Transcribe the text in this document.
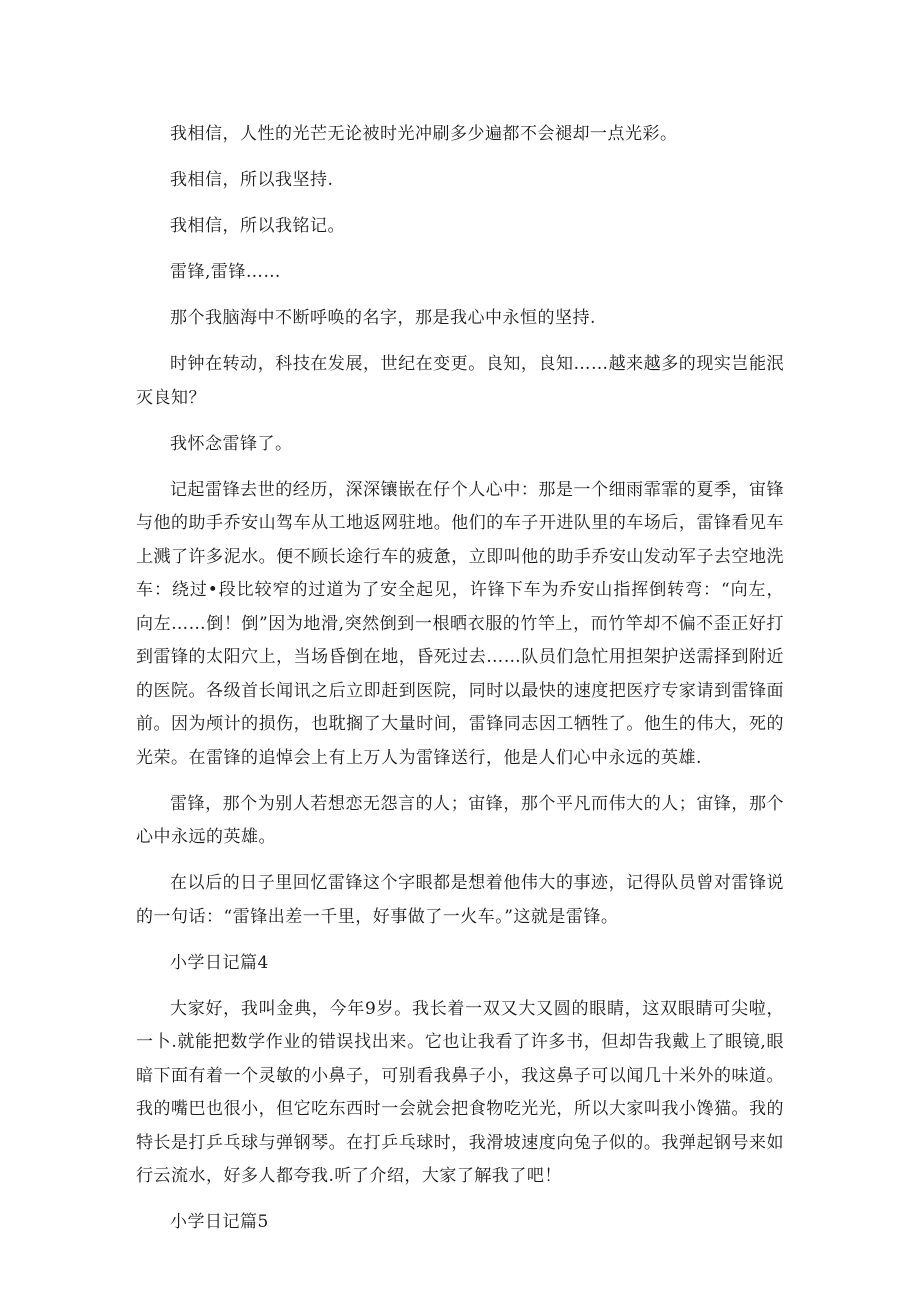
我相信，人性的光芒无论被时光冲刷多少遍都不会褪却一点光彩。

我相信，所以我坚持.

我相信，所以我铭记。

雷锋,雷锋……

那个我脑海中不断呼唤的名字，那是我心中永恒的坚持.

时钟在转动，科技在发展，世纪在变更。良知，良知……越来越多的现实岂能泯灭良知？

我怀念雷锋了。

记起雷锋去世的经历，深深镶嵌在仔个人心中：那是一个细雨霏霏的夏季，宙锋与他的助手乔安山驾车从工地返网驻地。他们的车子开进队里的车场后，雷锋看见车上溅了许多泥水。便不顾长途行车的疲惫，立即叫他的助手乔安山发动军子去空地洗车：绕过•段比较窄的过道为了安全起见，许锋下车为乔安山指挥倒转弯：“向左，向左……倒！倒”因为地滑,突然倒到一根晒衣服的竹竿上，而竹竿却不偏不歪正好打到雷锋的太阳穴上，当场昏倒在地，昏死过去……队员们急忙用担架护送需择到附近的医院。各级首长闻讯之后立即赶到医院，同时以最快的速度把医疗专家请到雷锋面前。因为颅计的损伤，也耽搁了大量时间，雷锋同志因工牺牲了。他生的伟大，死的光荣。在雷锋的追悼会上有上万人为雷锋送行，他是人们心中永远的英雄.

雷锋，那个为别人若想恋无怨言的人；宙锋，那个平凡而伟大的人；宙锋，那个心中永远的英雄。

在以后的日子里回忆雷锋这个字眼都是想着他伟大的事迹，记得队员曾对雷锋说的一句话：“雷锋出差一千里，好事做了一火车。”这就是雷锋。

小学日记篇4

大家好，我叫金典，今年9岁。我长着一双又大又圆的眼睛，这双眼睛可尖啦，一卜.就能把数学作业的错误找出来。它也让我看了许多书，但却告我戴上了眼镜,眼暗下面有着一个灵敏的小鼻子，可别看我鼻子小，我这鼻子可以闻几十米外的味道。我的嘴巴也很小，但它吃东西时一会就会把食物吃光光，所以大家叫我小馋猫。我的特长是打乒乓球与弹钢琴。在打乒乓球时，我滑坡速度向兔子似的。我弹起钢号来如行云流水，好多人都夸我.听了介绍，大家了解我了吧！

小学日记篇5
